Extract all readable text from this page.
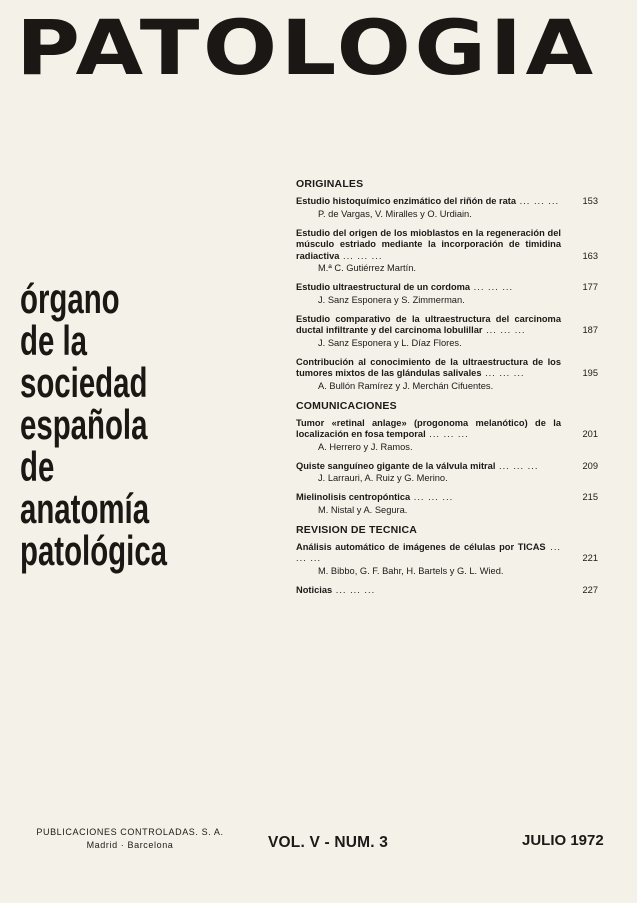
PATOLOGIA
órgano
de la
sociedad
española
de
anatomía
patológica
ORIGINALES
Estudio histoquímico enzimático del riñón de rata ... ... ...	153
P. de Vargas, V. Miralles y O. Urdiain.
Estudio del origen de los mioblastos en la regeneración del músculo estriado mediante la incorporación de timidina radiactiva ... ... ...	163
M.ª C. Gutiérrez Martín.
Estudio ultraestructural de un cordoma ... ... ...	177
J. Sanz Esponera y S. Zimmerman.
Estudio comparativo de la ultraestructura del carcinoma ductal infiltrante y del carcinoma lobulillar ... ... ...	187
J. Sanz Esponera y L. Díaz Flores.
Contribución al conocimiento de la ultraestructura de los tumores mixtos de las glándulas salivales ... ... ...	195
A. Bullón Ramírez y J. Merchán Cifuentes.
COMUNICACIONES
Tumor «retinal anlage» (progonoma melanótico) de la localización en fosa temporal ... ... ...	201
A. Herrero y J. Ramos.
Quiste sanguíneo gigante de la válvula mitral ... ... ...	209
J. Larrauri, A. Ruiz y G. Merino.
Mielinolisis centropóntica ... ... ...	215
M. Nistal y A. Segura.
REVISION DE TECNICA
Análisis automático de imágenes de células por TICAS ... ... ...	221
M. Bibbo, G. F. Bahr, H. Bartels y G. L. Wied.
Noticias ... ... ...	227
PUBLICACIONES CONTROLADAS. S. A.
Madrid · Barcelona	VOL. V - NUM. 3	JULIO 1972
